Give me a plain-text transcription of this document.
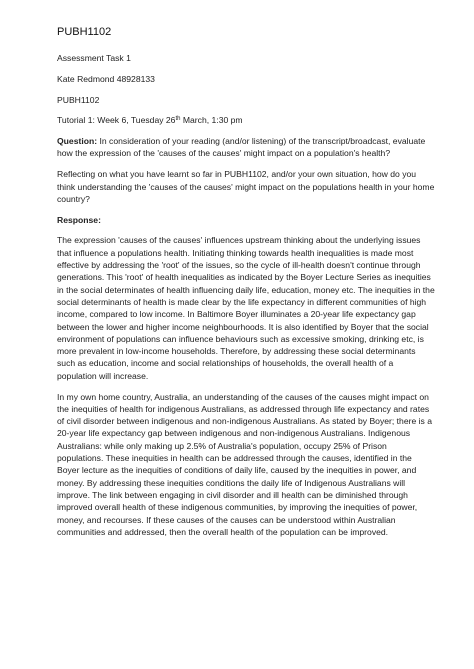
PUBH1102

Assessment Task 1

Kate Redmond 48928133

PUBH1102

Tutorial 1: Week 6, Tuesday 26th March, 1:30 pm

Question: In consideration of your reading (and/or listening) of the transcript/broadcast, evaluate how the expression of the 'causes of the causes' might impact on a population's health?

Reflecting on what you have learnt so far in PUBH1102, and/or your own situation, how do you think understanding the 'causes of the causes' might impact on the populations health in your home country?

Response:

The expression 'causes of the causes' influences upstream thinking about the underlying issues that influence a populations health. Initiating thinking towards health inequalities is made most effective by addressing the 'root' of the issues, so the cycle of ill-health doesn't continue through generations. This 'root' of health inequalities as indicated by the Boyer Lecture Series as inequities in the social determinates of health influencing daily life, education, money etc. The inequities in the social determinants of health is made clear by the life expectancy in different communities of high income, compared to low income. In Baltimore Boyer illuminates a 20-year life expectancy gap between the lower and higher income neighbourhoods. It is also identified by Boyer that the social environment of populations can influence behaviours such as excessive smoking, drinking etc, is more prevalent in low-income households. Therefore, by addressing these social determinants such as education, income and social relationships of households, the overall health of a population will increase.

In my own home country, Australia, an understanding of the causes of the causes might impact on the inequities of health for indigenous Australians, as addressed through life expectancy and rates of civil disorder between indigenous and non-indigenous Australians. As stated by Boyer; there is a 20-year life expectancy gap between indigenous and non-indigenous Australians. Indigenous Australians: while only making up 2.5% of Australia's population, occupy 25% of Prison populations. These inequities in health can be addressed through the causes, identified in the Boyer lecture as the inequities of conditions of daily life, caused by the inequities in power, and money. By addressing these inequities conditions the daily life of Indigenous Australians will improve. The link between engaging in civil disorder and ill health can be diminished through improved overall health of these indigenous communities, by improving the inequities of power, money, and recourses. If these causes of the causes can be understood within Australian communities and addressed, then the overall health of the population can be improved.
